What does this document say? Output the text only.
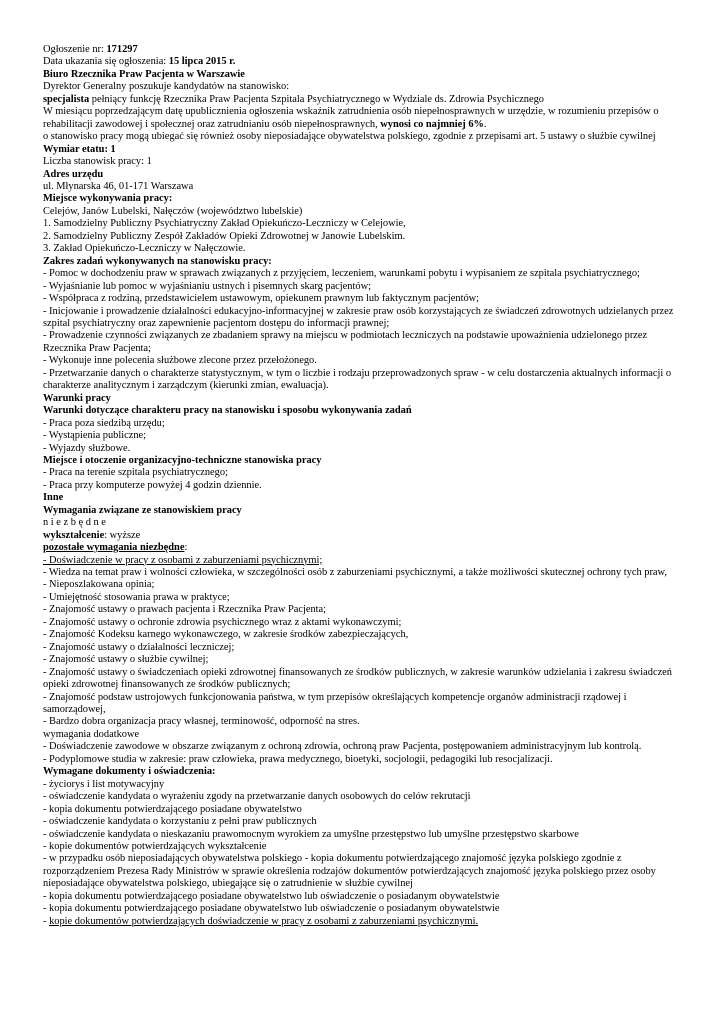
Ogłoszenie nr: 171297

Data ukazania się ogłoszenia: 15 lipca 2015 r.

Biuro Rzecznika Praw Pacjenta w Warszawie

Dyrektor Generalny poszukuje kandydatów na stanowisko:

specjalista pełniący funkcję Rzecznika Praw Pacjenta Szpitala Psychiatrycznego w Wydziale ds. Zdrowia Psychicznego

W miesiącu poprzedzającym datę upublicznienia ogłoszenia wskaźnik zatrudnienia osób niepełnosprawnych w urzędzie, w rozumieniu przepisów o rehabilitacji zawodowej i społecznej oraz zatrudnianiu osób niepełnosprawnych, wynosi co najmniej 6%.

o stanowisko pracy mogą ubiegać się również osoby nieposiadające obywatelstwa polskiego, zgodnie z przepisami art. 5 ustawy o służbie cywilnej

Wymiar etatu: 1

Liczba stanowisk pracy: 1

Adres urzędu

ul. Młynarska 46, 01-171 Warszawa

Miejsce wykonywania pracy:

Celejów, Janów Lubelski, Nałęczów (województwo lubelskie)

1. Samodzielny Publiczny Psychiatryczny Zakład Opiekuńczo-Leczniczy w Celejowie,

2. Samodzielny Publiczny Zespół Zakładów Opieki Zdrowotnej w Janowie Lubelskim.

3. Zakład Opiekuńczo-Leczniczy w Nałęczowie.

Zakres zadań wykonywanych na stanowisku pracy:

- Pomoc w dochodzeniu praw w sprawach związanych z przyjęciem, leczeniem, warunkami pobytu i wypisaniem ze szpitala psychiatrycznego;

- Wyjaśnianie lub pomoc w wyjaśnianiu ustnych i pisemnych skarg pacjentów;

- Współpraca z rodziną, przedstawicielem ustawowym, opiekunem prawnym lub faktycznym pacjentów;

- Inicjowanie i prowadzenie działalności edukacyjno-informacyjnej w zakresie praw osób korzystających ze świadczeń zdrowotnych udzielanych przez szpital psychiatryczny oraz zapewnienie pacjentom dostępu do informacji prawnej;

- Prowadzenie czynności związanych ze zbadaniem sprawy na miejscu w podmiotach leczniczych na podstawie upoważnienia udzielonego przez Rzecznika Praw Pacjenta;

- Wykonuje inne polecenia służbowe zlecone przez przełożonego.

- Przetwarzanie danych o charakterze statystycznym, w tym o liczbie i rodzaju przeprowadzonych spraw - w celu dostarczenia aktualnych informacji o charakterze analitycznym i zarządczym (kierunki zmian, ewaluacja).

Warunki pracy

Warunki dotyczące charakteru pracy na stanowisku i sposobu wykonywania zadań

- Praca poza siedzibą urzędu;

- Wystąpienia publiczne;

- Wyjazdy służbowe.

Miejsce i otoczenie organizacyjno-techniczne stanowiska pracy

- Praca na terenie szpitala psychiatrycznego;

- Praca przy komputerze powyżej 4 godzin dziennie.

Inne

Wymagania związane ze stanowiskiem pracy

n i e z b ę d n e

wykształcenie: wyższe

pozostałe wymagania niezbędne:

- Doświadczenie w pracy z osobami z zaburzeniami psychicznymi;

- Wiedza na temat praw i wolności człowieka, w szczególności osób z zaburzeniami psychicznymi, a także możliwości skutecznej ochrony tych praw,

- Nieposzlakowana opinia;

- Umiejętność stosowania prawa w praktyce;

- Znajomość ustawy o prawach pacjenta i Rzecznika Praw Pacjenta;

- Znajomość ustawy o ochronie zdrowia psychicznego wraz z aktami wykonawczymi;

- Znajomość Kodeksu karnego wykonawczego, w zakresie środków zabezpieczających,

- Znajomość ustawy o działalności leczniczej;

- Znajomość ustawy o służbie cywilnej;

- Znajomość ustawy o świadczeniach opieki zdrowotnej finansowanych ze środków publicznych, w zakresie warunków udzielania i zakresu świadczeń opieki zdrowotnej finansowanych ze środków publicznych;

- Znajomość podstaw ustrojowych funkcjonowania państwa, w tym przepisów określających kompetencje organów administracji rządowej i samorządowej,

- Bardzo dobra organizacja pracy własnej, terminowość, odporność na stres.

wymagania dodatkowe

- Doświadczenie zawodowe w obszarze związanym z ochroną zdrowia, ochroną praw Pacjenta, postępowaniem administracyjnym lub kontrolą.

- Podyplomowe studia w zakresie: praw człowieka, prawa medycznego, bioetyki, socjologii, pedagogiki lub resocjalizacji.

Wymagane dokumenty i oświadczenia:

- życiorys i list motywacyjny

- oświadczenie kandydata o wyrażeniu zgody na przetwarzanie danych osobowych do celów rekrutacji

- kopia dokumentu potwierdzającego posiadane obywatelstwo

- oświadczenie kandydata o korzystaniu z pełni praw publicznych

- oświadczenie kandydata o nieskazaniu prawomocnym wyrokiem za umyślne przestępstwo lub umyślne przestępstwo skarbowe

- kopie dokumentów potwierdzających wykształcenie

- w przypadku osób nieposiadających obywatelstwa polskiego - kopia dokumentu potwierdzającego znajomość języka polskiego zgodnie z rozporządzeniem Prezesa Rady Ministrów w sprawie określenia rodzajów dokumentów potwierdzających znajomość języka polskiego przez osoby nieposiadające obywatelstwa polskiego, ubiegające się o zatrudnienie w służbie cywilnej

- kopia dokumentu potwierdzającego posiadane obywatelstwo lub oświadczenie o posiadanym obywatelstwie

- kopia dokumentu potwierdzającego posiadane obywatelstwo lub oświadczenie o posiadanym obywatelstwie

- kopie dokumentów potwierdzających doświadczenie w pracy z osobami z zaburzeniami psychicznymi.
